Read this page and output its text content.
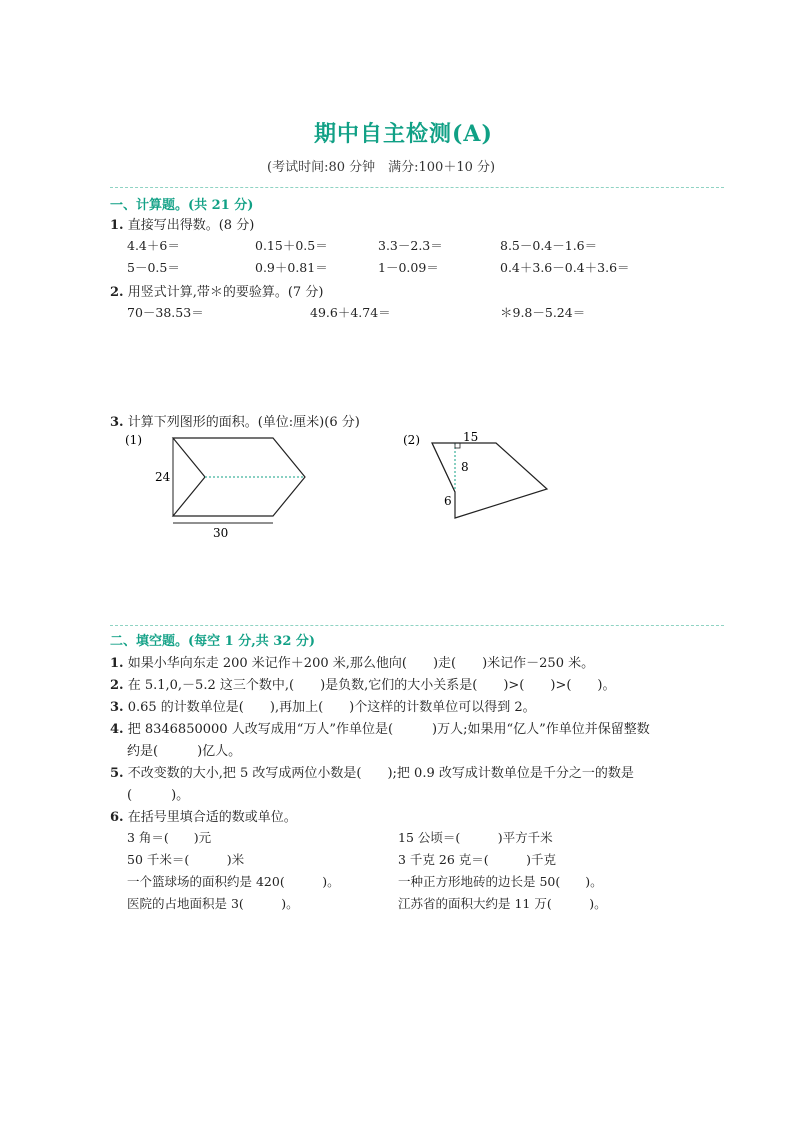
期中自主检测(A)
(考试时间:80 分钟　满分:100＋10 分)
一、计算题。(共 21 分)
1. 直接写出得数。(8 分)
4.4＋6＝	0.15＋0.5＝	3.3－2.3＝	8.5－0.4－1.6＝
5－0.5＝	0.9＋0.81＝	1－0.09＝	0.4＋3.6－0.4＋3.6＝
2. 用竖式计算,带＊的要验算。(7 分)
70－38.53＝	49.6＋4.74＝	＊9.8－5.24＝
3. 计算下列图形的面积。(单位:厘米)(6 分)
(1)
24
30
(2)	15
8
6
二、填空题。(每空 1 分,共 32 分)
1. 如果小华向东走 200 米记作＋200 米,那么他向(　　)走(　　)米记作－250 米。
2. 在 5.1,0,－5.2 这三个数中,(　　)是负数,它们的大小关系是(　　)>(　　)>(　　)。
3. 0.65 的计数单位是(　　),再加上(　　)个这样的计数单位可以得到 2。
4. 把 8346850000 人改写成用“万人”作单位是(　　　)万人;如果用“亿人”作单位并保留整数
约是(　　　)亿人。
5. 不改变数的大小,把 5 改写成两位小数是(　　);把 0.9 改写成计数单位是千分之一的数是
(　　　)。
6. 在括号里填合适的数或单位。
3 角＝(　　)元	15 公顷＝(　　　)平方千米
50 千米＝(　　　)米	3 千克 26 克＝(　　　)千克
一个篮球场的面积约是 420(　　　)。	一种正方形地砖的边长是 50(　　)。
医院的占地面积是 3(　　　)。	江苏省的面积大约是 11 万(　　　)。
